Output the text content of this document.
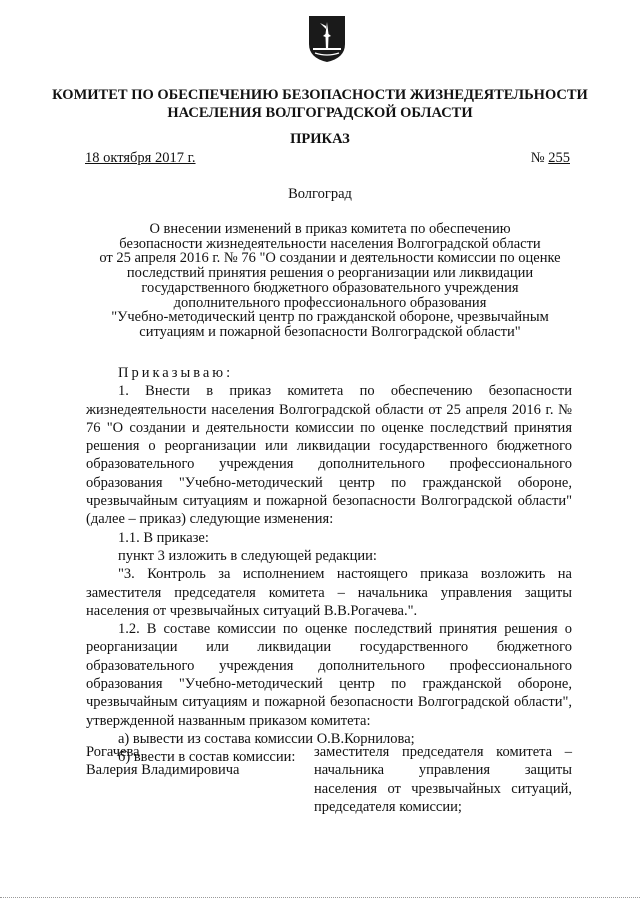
КОМИТЕТ ПО ОБЕСПЕЧЕНИЮ БЕЗОПАСНОСТИ ЖИЗНЕДЕЯТЕЛЬНОСТИ
НАСЕЛЕНИЯ ВОЛГОГРАДСКОЙ ОБЛАСТИ
ПРИКАЗ
18 октября 2017 г.	№ 255
Волгоград
О внесении изменений в приказ комитета по обеспечению
безопасности жизнедеятельности населения Волгоградской области
от 25 апреля 2016 г. № 76 "О создании и деятельности комиссии по оценке
последствий принятия решения о реорганизации или ликвидации
государственного бюджетного образовательного учреждения
дополнительного профессионального образования
"Учебно-методический центр по гражданской обороне, чрезвычайным
ситуациям и пожарной безопасности Волгоградской области"

Приказываю:

1. Внести в приказ комитета по обеспечению безопасности жизнедеятельности населения Волгоградской области от 25 апреля 2016 г. № 76 "О создании и деятельности комиссии по оценке последствий принятия решения о реорганизации или ликвидации государственного бюджетного образовательного учреждения дополнительного профессионального образования "Учебно-методический центр по гражданской обороне, чрезвычайным ситуациям и пожарной безопасности Волгоградской области" (далее – приказ) следующие изменения:

1.1. В приказе:

пункт 3 изложить в следующей редакции:

"3. Контроль за исполнением настоящего приказа возложить на заместителя председателя комитета – начальника управления защиты населения от чрезвычайных ситуаций В.В.Рогачева.".

1.2. В составе комиссии по оценке последствий принятия решения о реорганизации или ликвидации государственного бюджетного образовательного учреждения дополнительного профессионального образования "Учебно-методический центр по гражданской обороне, чрезвычайным ситуациям и пожарной безопасности Волгоградской области", утвержденной названным приказом комитета:

а) вывести из состава комиссии О.В.Корнилова;

б) ввести в состав комиссии:

Рогачева
Валерия Владимировича
заместителя председателя комитета – начальника управления защиты населения от чрезвычайных ситуаций, председателя комиссии;
